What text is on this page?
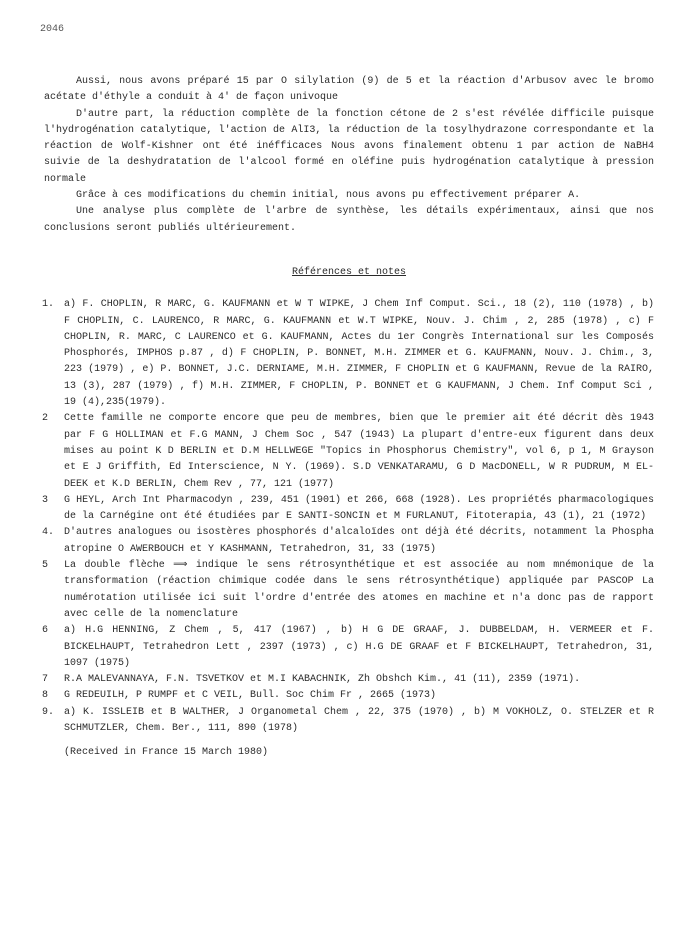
2046

Aussi, nous avons préparé 15 par O silylation (9) de 5 et la réaction d'Arbusov avec le bromo acétate d'éthyle a conduit à 4' de façon univoque

D'autre part, la réduction complète de la fonction cétone de 2 s'est révélée difficile puisque l'hydrogénation catalytique, l'action de AlI3, la réduction de la tosylhydrazone correspondante et la réaction de Wolf-Kishner ont été inéfficaces Nous avons finalement obtenu 1 par action de NaBH4 suivie de la deshydratation de l'alcool formé en oléfine puis hydrogénation catalytique à pression normale

Grâce à ces modifications du chemin initial, nous avons pu effectivement préparer A.

Une analyse plus complète de l'arbre de synthèse, les détails expérimentaux, ainsi que nos conclusions seront publiés ultérieurement.

Références et notes
1. a) F. CHOPLIN, R MARC, G. KAUFMANN et W T WIPKE, J Chem Inf Comput. Sci., 18 (2), 110 (1978) , b) F CHOPLIN, C. LAURENCO, R MARC, G. KAUFMANN et W.T WIPKE, Nouv. J. Chim , 2, 285 (1978) , c) F CHOPLIN, R. MARC, C LAURENCO et G. KAUFMANN, Actes du 1er Congrès International sur les Composés Phosphorés, IMPHOS p.87 , d) F CHOPLIN, P. BONNET, M.H. ZIMMER et G. KAUFMANN, Nouv. J. Chim., 3, 223 (1979) , e) P. BONNET, J.C. DERNIAME, M.H. ZIMMER, F CHOPLIN et G KAUFMANN, Revue de la RAIRO, 13 (3), 287 (1979) , f) M.H. ZIMMER, F CHOPLIN, P. BONNET et G KAUFMANN, J Chem. Inf Comput Sci , 19 (4),235(1979).
2 Cette famille ne comporte encore que peu de membres, bien que le premier ait été décrit dès 1943 par F G HOLLIMAN et F.G MANN, J Chem Soc , 547 (1943) La plupart d'entre-eux figurent dans deux mises au point K D BERLIN et D.M HELLWEGE "Topics in Phosphorus Chemistry", vol 6, p 1, M Grayson et E J Griffith, Ed Interscience, N Y. (1969). S.D VENKATARAMU, G D MacDONELL, W R PUDRUM, M EL-DEEK et K.D BERLIN, Chem Rev , 77, 121 (1977)
3 G HEYL, Arch Int Pharmacodyn , 239, 451 (1901) et 266, 668 (1928). Les propriétés pharmacologiques de la Carnégine ont été étudiées par E SANTI-SONCIN et M FURLANUT, Fitoterapia, 43 (1), 21 (1972)
4. D'autres analogues ou isostères phosphorés d'alcaloïdes ont déjà été décrits, notamment la Phospha atropine O AWERBOUCH et Y KASHMANN, Tetrahedron, 31, 33 (1975)
5 La double flèche ⟹ indique le sens rétrosynthétique et est associée au nom mnémonique de la transformation (réaction chimique codée dans le sens rétrosynthétique) appliquée par PASCOP La numérotation utilisée ici suit l'ordre d'entrée des atomes en machine et n'a donc pas de rapport avec celle de la nomenclature
6 a) H.G HENNING, Z Chem , 5, 417 (1967) , b) H G DE GRAAF, J. DUBBELDAM, H. VERMEER et F. BICKELHAUPT, Tetrahedron Lett , 2397 (1973) , c) H.G DE GRAAF et F BICKELHAUPT, Tetrahedron, 31, 1097 (1975)
7 R.A MALEVANNAYA, F.N. TSVETKOV et M.I KABACHNIK, Zh Obshch Kim., 41 (11), 2359 (1971).
8 G REDEUILH, P RUMPF et C VEIL, Bull. Soc Chim Fr , 2665 (1973)
9. a) K. ISSLEIB et B WALTHER, J Organometal Chem , 22, 375 (1970) , b) M VOKHOLZ, O. STELZER et R SCHMUTZLER, Chem. Ber., 111, 890 (1978)
(Received in France 15 March 1980)
